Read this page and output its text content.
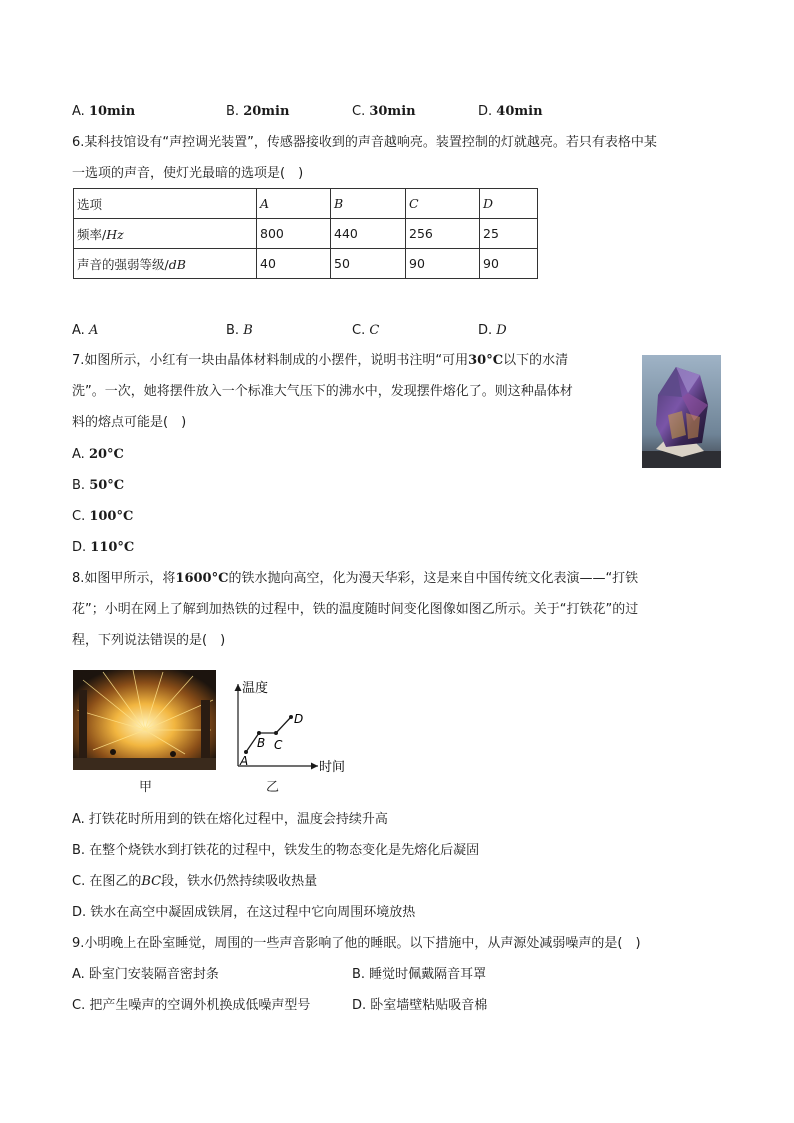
A. 10min	B. 20min	C. 30min	D. 40min
6.某科技馆设有“声控调光装置”，传感器接收到的声音越响亮。装置控制的灯就越亮。若只有表格中某
一选项的声音，使灯光最暗的选项是(　)
选项	A	B	C	D
频率/Hz	800	440	256	25
声音的强弱等级/dB	40	50	90	90
A. A	B. B	C. C	D. D
7.如图所示，小红有一块由晶体材料制成的小摆件，说明书注明“可用30°C以下的水清
洗”。一次，她将摆件放入一个标准大气压下的沸水中，发现摆件熔化了。则这种晶体材
料的熔点可能是(　)
A. 20°C
B. 50°C
C. 100°C
D. 110°C
8.如图甲所示，将1600°C的铁水抛向高空，化为漫天华彩，这是来自中国传统文化表演——“打铁
花”；小明在网上了解到加热铁的过程中，铁的温度随时间变化图像如图乙所示。关于“打铁花”的过
程，下列说法错误的是(　)
甲
温度
时间
A
B C
D
乙
A. 打铁花时所用到的铁在熔化过程中，温度会持续升高
B. 在整个烧铁水到打铁花的过程中，铁发生的物态变化是先熔化后凝固
C. 在图乙的BC段，铁水仍然持续吸收热量
D. 铁水在高空中凝固成铁屑，在这过程中它向周围环境放热
9.小明晚上在卧室睡觉，周围的一些声音影响了他的睡眠。以下措施中，从声源处减弱噪声的是(　)
A. 卧室门安装隔音密封条	B. 睡觉时佩戴隔音耳罩
C. 把产生噪声的空调外机换成低噪声型号	D. 卧室墙壁粘贴吸音棉
